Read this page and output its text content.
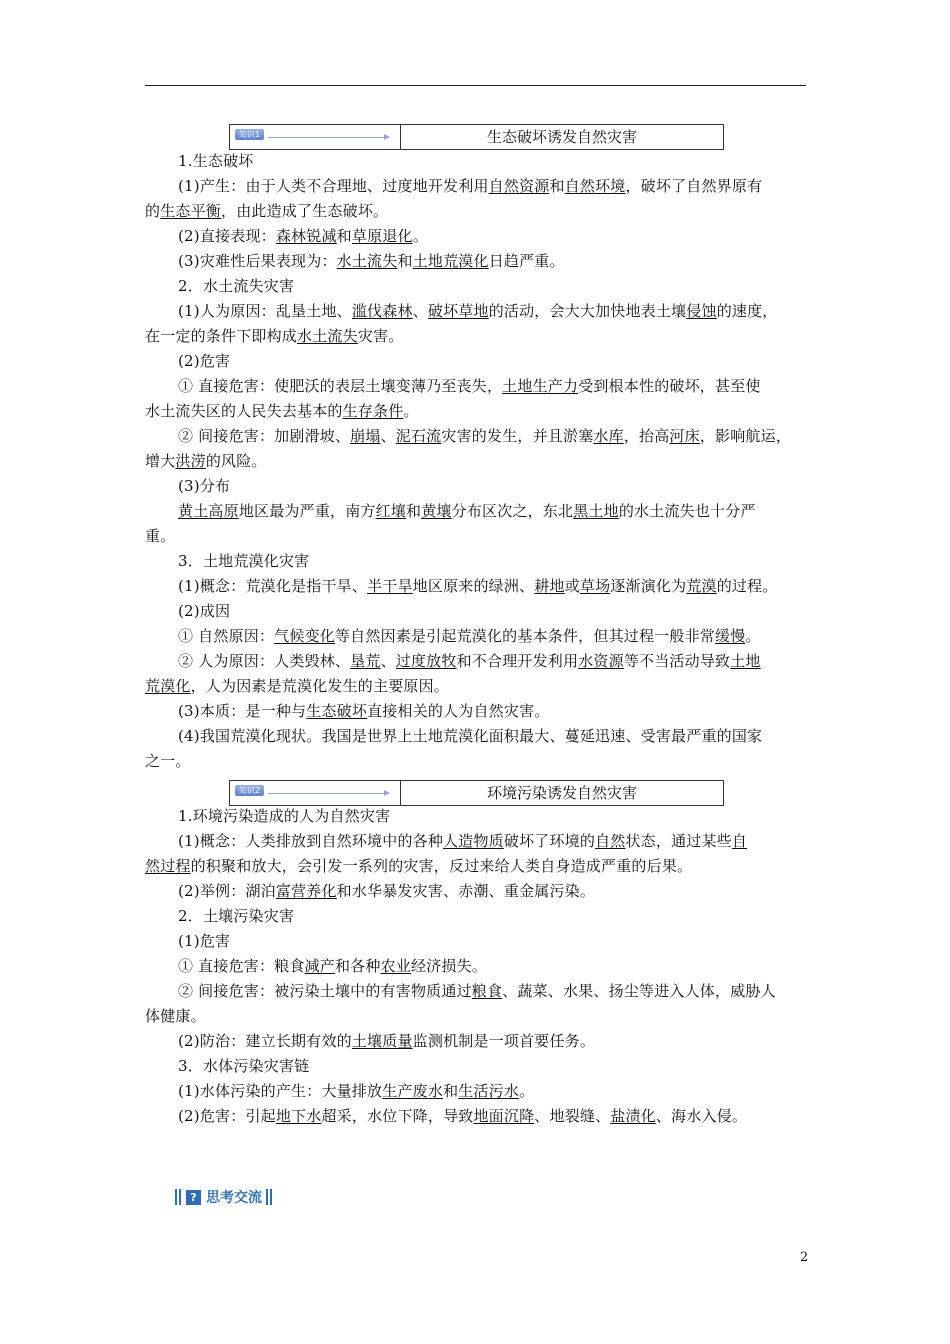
知识1	生态破坏诱发自然灾害
1.生态破坏
(1)产生：由于人类不合理地、过度地开发利用自然资源和自然环境，破坏了自然界原有
的生态平衡，由此造成了生态破坏。
(2)直接表现：森林锐减和草原退化。
(3)灾难性后果表现为：水土流失和土地荒漠化日趋严重。
2．水土流失灾害
(1)人为原因：乱垦土地、滥伐森林、破坏草地的活动，会大大加快地表土壤侵蚀的速度，
在一定的条件下即构成水土流失灾害。
(2)危害
① 直接危害：使肥沃的表层土壤变薄乃至丧失，土地生产力受到根本性的破坏，甚至使
水土流失区的人民失去基本的生存条件。
② 间接危害：加剧滑坡、崩塌、泥石流灾害的发生，并且淤塞水库，抬高河床，影响航运，
增大洪涝的风险。
(3)分布
黄土高原地区最为严重，南方红壤和黄壤分布区次之，东北黑土地的水土流失也十分严
重。
3．土地荒漠化灾害
(1)概念：荒漠化是指干旱、半干旱地区原来的绿洲、耕地或草场逐渐演化为荒漠的过程。
(2)成因
① 自然原因：气候变化等自然因素是引起荒漠化的基本条件，但其过程一般非常缓慢。
② 人为原因：人类毁林、垦荒、过度放牧和不合理开发利用水资源等不当活动导致土地
荒漠化，人为因素是荒漠化发生的主要原因。
(3)本质：是一种与生态破坏直接相关的人为自然灾害。
(4)我国荒漠化现状。我国是世界上土地荒漠化面积最大、蔓延迅速、受害最严重的国家
之一。
知识2	环境污染诱发自然灾害
1.环境污染造成的人为自然灾害
(1)概念：人类排放到自然环境中的各种人造物质破坏了环境的自然状态，通过某些自
然过程的积聚和放大，会引发一系列的灾害，反过来给人类自身造成严重的后果。
(2)举例：湖泊富营养化和水华暴发灾害、赤潮、重金属污染。
2．土壤污染灾害
(1)危害
① 直接危害：粮食减产和各种农业经济损失。
② 间接危害：被污染土壤中的有害物质通过粮食、蔬菜、水果、扬尘等进入人体，威胁人
体健康。
(2)防治：建立长期有效的土壤质量监测机制是一项首要任务。
3．水体污染灾害链
(1)水体污染的产生：大量排放生产废水和生活污水。
(2)危害：引起地下水超采，水位下降，导致地面沉降、地裂缝、盐渍化、海水入侵。
? 思考交流
2
